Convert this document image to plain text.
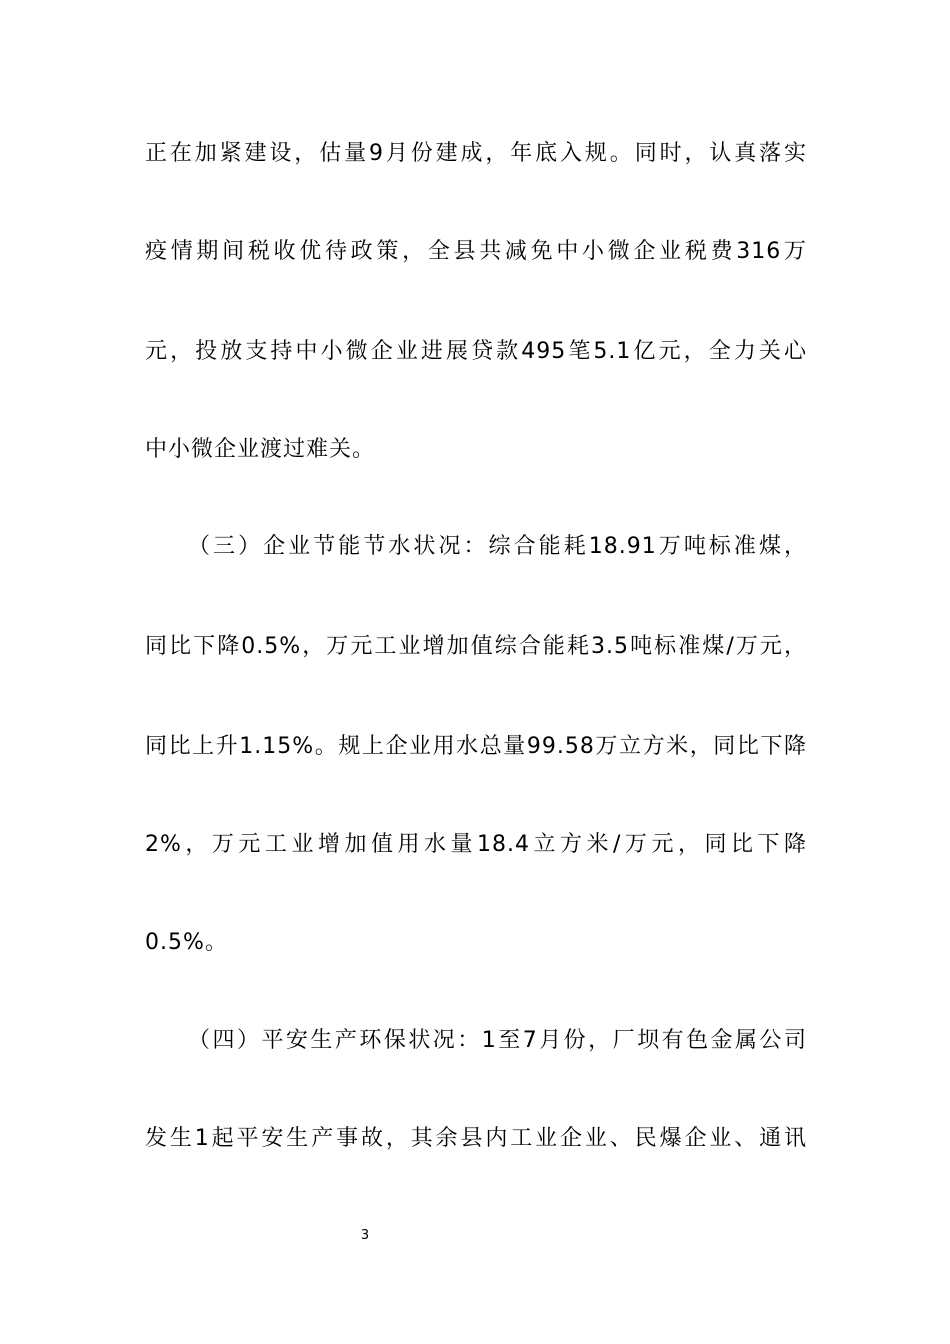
正在加紧建设，估量9月份建成，年底入规。同时，认真落实
疫情期间税收优待政策，全县共减免中小微企业税费316万
元，投放支持中小微企业进展贷款495笔5.1亿元，全力关心
中小微企业渡过难关。
（三）企业节能节水状况：综合能耗18.91万吨标准煤，
同比下降0.5%，万元工业增加值综合能耗3.5吨标准煤/万元，
同比上升1.15%。规上企业用水总量99.58万立方米，同比下降
2%，万元工业增加值用水量18.4立方米/万元，同比下降
0.5%。
（四）平安生产环保状况：1至7月份，厂坝有色金属公司
发生1起平安生产事故，其余县内工业企业、民爆企业、通讯
3
